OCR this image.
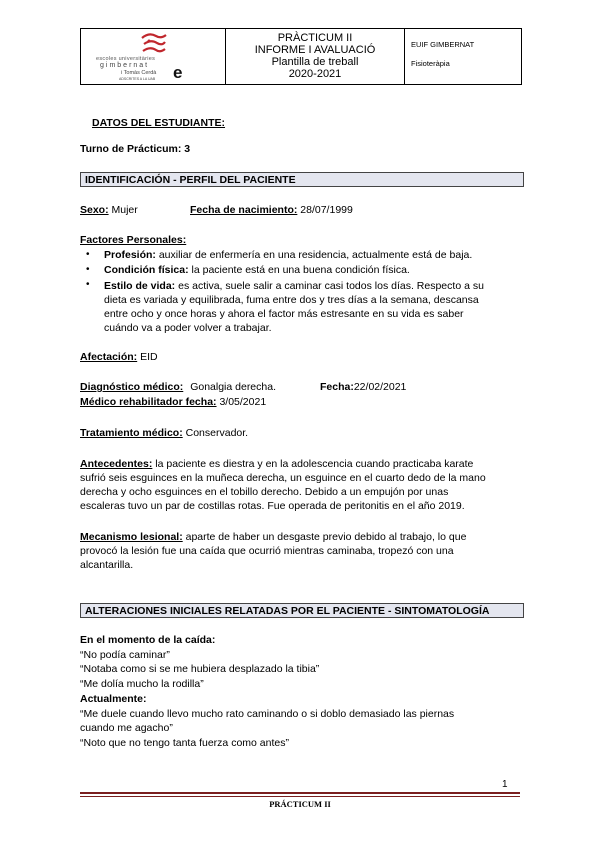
escoles universitàries
gimbernat
i Tomàs Cerdà
ADSCRITES A LA UAB e
PRÀCTICUM II
INFORME I AVALUACIÓ
Plantilla de treball
2020-2021
EUIF GIMBERNAT
Fisioteràpia
DATOS DEL ESTUDIANTE:
Turno de Prácticum: 3
IDENTIFICACIÓN - PERFIL DEL PACIENTE
Sexo: Mujer	Fecha de nacimiento: 28/07/1999
Factores Personales:
• Profesión: auxiliar de enfermería en una residencia, actualmente está de baja.
• Condición física: la paciente está en una buena condición física.
• Estilo de vida: es activa, suele salir a caminar casi todos los días. Respecto a su
dieta es variada y equilibrada, fuma entre dos y tres días a la semana, descansa
entre ocho y once horas y ahora el factor más estresante en su vida es saber
cuándo va a poder volver a trabajar.
Afectación: EID
Diagnóstico médico: Gonalgia derecha.	Fecha:22/02/2021
Médico rehabilitador fecha: 3/05/2021
Tratamiento médico: Conservador.
Antecedentes: la paciente es diestra y en la adolescencia cuando practicaba karate
sufrió seis esguinces en la muñeca derecha, un esguince en el cuarto dedo de la mano
derecha y ocho esguinces en el tobillo derecho. Debido a un empujón por unas
escaleras tuvo un par de costillas rotas. Fue operada de peritonitis en el año 2019.
Mecanismo lesional: aparte de haber un desgaste previo debido al trabajo, lo que
provocó la lesión fue una caída que ocurrió mientras caminaba, tropezó con una
alcantarilla.
ALTERACIONES INICIALES RELATADAS POR EL PACIENTE - SINTOMATOLOGÍA
En el momento de la caída:
“No podía caminar”
“Notaba como si se me hubiera desplazado la tibia”
“Me dolía mucho la rodilla”
Actualmente:
“Me duele cuando llevo mucho rato caminando o si doblo demasiado las piernas
cuando me agacho”
“Noto que no tengo tanta fuerza como antes”
1
PRÁCTICUM II
